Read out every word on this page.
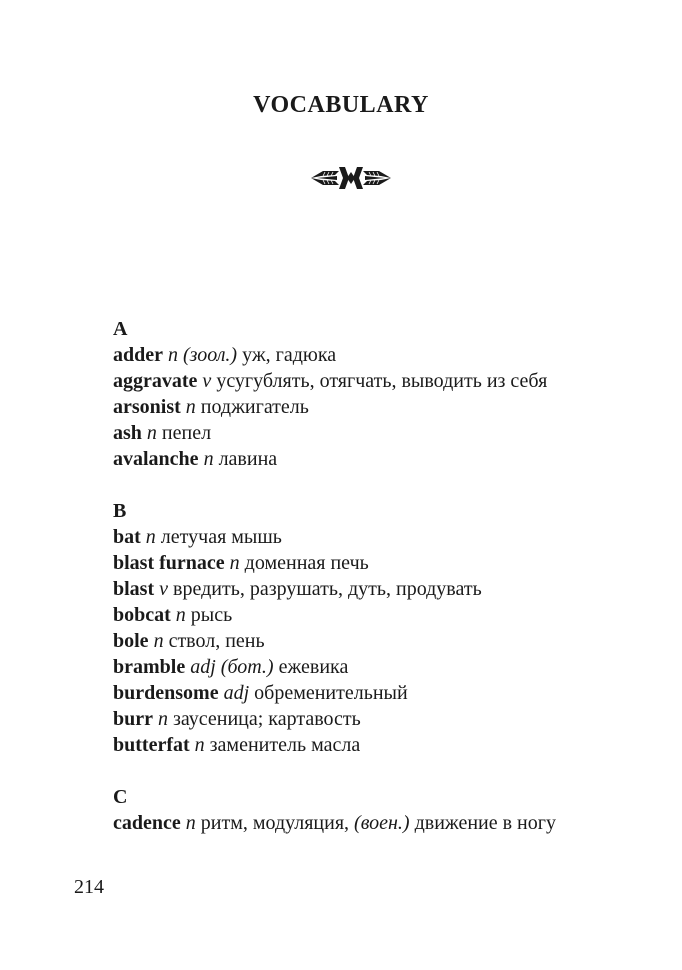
VOCABULARY
A
adder n (зоол.) уж, гадюка
aggravate v усугублять, отягчать, выводить из себя
arsonist n поджигатель
ash n пепел
avalanche n лавина
B
bat n летучая мышь
blast furnace n доменная печь
blast v вредить, разрушать, дуть, продувать
bobcat n рысь
bole n ствол, пень
bramble adj (бот.) ежевика
burdensome adj обременительный
burr n заусеница; картавость
butterfat n заменитель масла
C
cadence n ритм, модуляция, (воен.) движение в ногу
214
